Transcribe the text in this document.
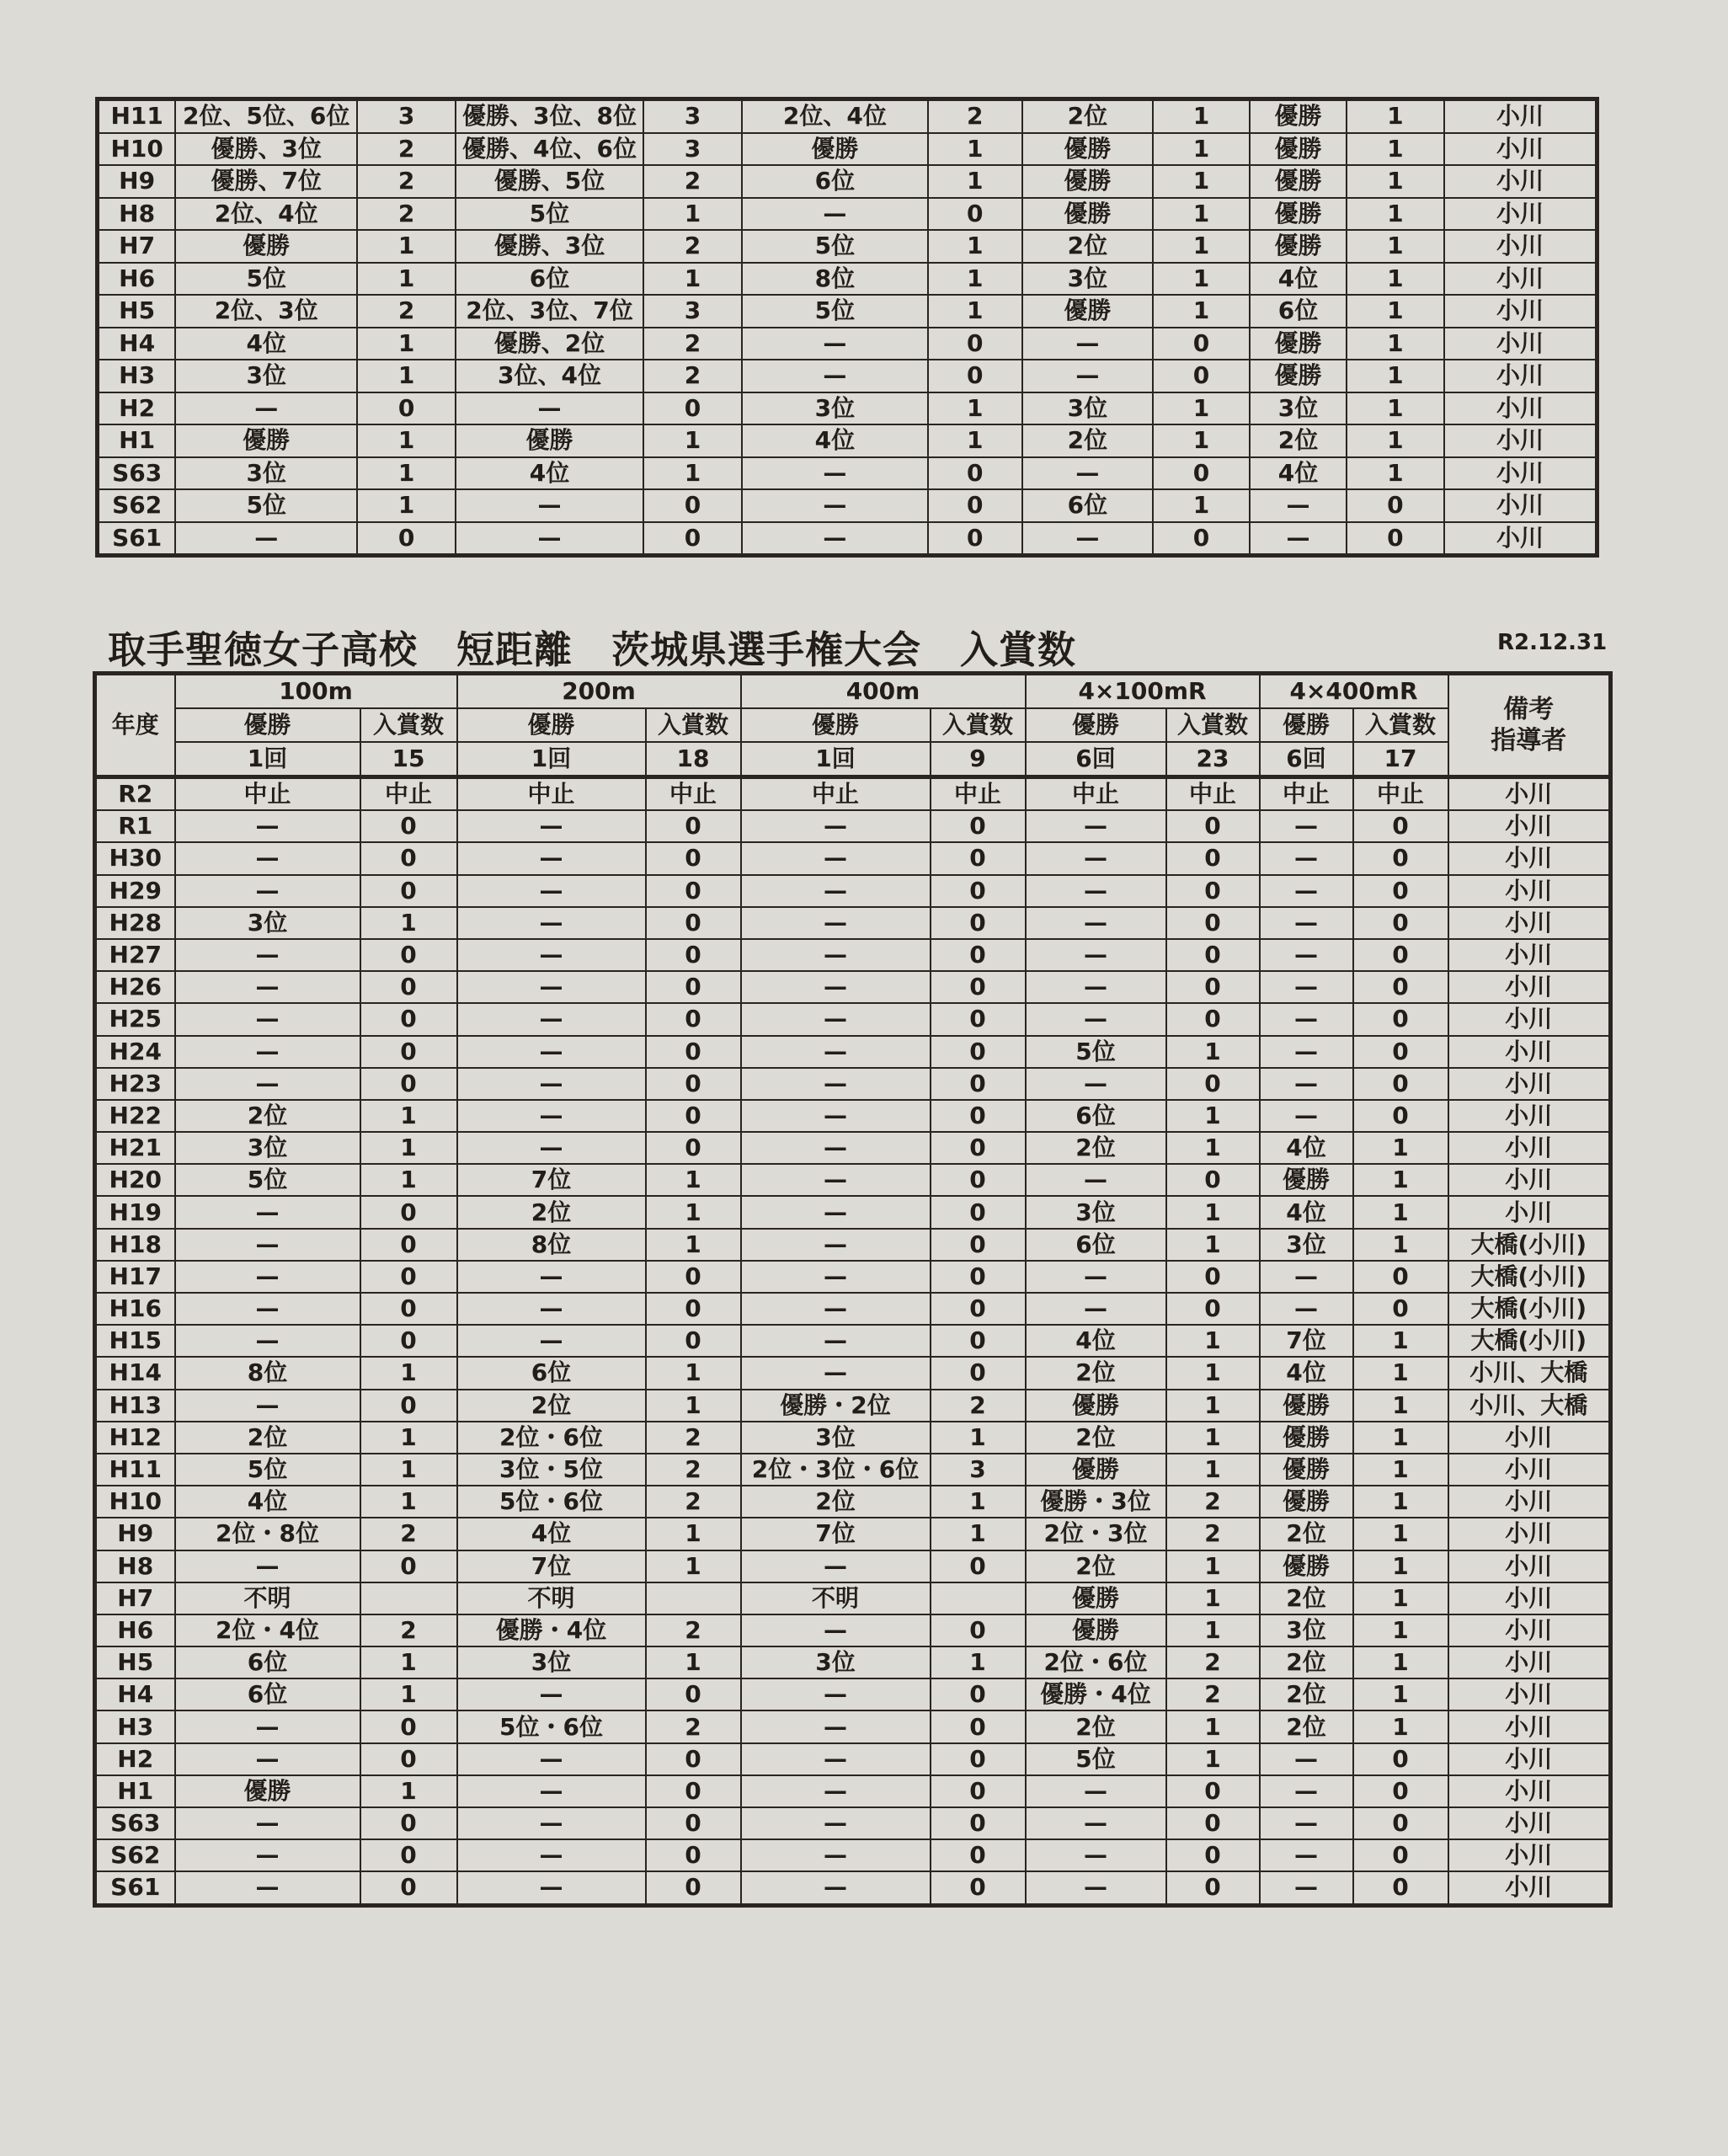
H11	2位、5位、6位	3	優勝、3位、8位	3	2位、4位	2	2位	1	優勝	1	小川
H10	優勝、3位	2	優勝、4位、6位	3	優勝	1	優勝	1	優勝	1	小川
H9	優勝、7位	2	優勝、5位	2	6位	1	優勝	1	優勝	1	小川
H8	2位、4位	2	5位	1	—	0	優勝	1	優勝	1	小川
H7	優勝	1	優勝、3位	2	5位	1	2位	1	優勝	1	小川
H6	5位	1	6位	1	8位	1	3位	1	4位	1	小川
H5	2位、3位	2	2位、3位、7位	3	5位	1	優勝	1	6位	1	小川
H4	4位	1	優勝、2位	2	—	0	—	0	優勝	1	小川
H3	3位	1	3位、4位	2	—	0	—	0	優勝	1	小川
H2	—	0	—	0	3位	1	3位	1	3位	1	小川
H1	優勝	1	優勝	1	4位	1	2位	1	2位	1	小川
S63	3位	1	4位	1	—	0	—	0	4位	1	小川
S62	5位	1	—	0	—	0	6位	1	—	0	小川
S61	—	0	—	0	—	0	—	0	—	0	小川
取手聖徳女子高校　短距離　茨城県選手権大会　入賞数	R2.12.31
年度	100m		200m		400m		4×100mR		4×400mR		備考
指導者
	優勝	入賞数	優勝	入賞数	優勝	入賞数	優勝	入賞数	優勝	入賞数	
	1回	15	1回	18	1回	9	6回	23	6回	17	
R2	中止	中止	中止	中止	中止	中止	中止	中止	中止	中止	小川
R1	—	0	—	0	—	0	—	0	—	0	小川
H30	—	0	—	0	—	0	—	0	—	0	小川
H29	—	0	—	0	—	0	—	0	—	0	小川
H28	3位	1	—	0	—	0	—	0	—	0	小川
H27	—	0	—	0	—	0	—	0	—	0	小川
H26	—	0	—	0	—	0	—	0	—	0	小川
H25	—	0	—	0	—	0	—	0	—	0	小川
H24	—	0	—	0	—	0	5位	1	—	0	小川
H23	—	0	—	0	—	0	—	0	—	0	小川
H22	2位	1	—	0	—	0	6位	1	—	0	小川
H21	3位	1	—	0	—	0	2位	1	4位	1	小川
H20	5位	1	7位	1	—	0	—	0	優勝	1	小川
H19	—	0	2位	1	—	0	3位	1	4位	1	小川
H18	—	0	8位	1	—	0	6位	1	3位	1	大橋(小川)
H17	—	0	—	0	—	0	—	0	—	0	大橋(小川)
H16	—	0	—	0	—	0	—	0	—	0	大橋(小川)
H15	—	0	—	0	—	0	4位	1	7位	1	大橋(小川)
H14	8位	1	6位	1	—	0	2位	1	4位	1	小川、大橋
H13	—	0	2位	1	優勝・2位	2	優勝	1	優勝	1	小川、大橋
H12	2位	1	2位・6位	2	3位	1	2位	1	優勝	1	小川
H11	5位	1	3位・5位	2	2位・3位・6位	3	優勝	1	優勝	1	小川
H10	4位	1	5位・6位	2	2位	1	優勝・3位	2	優勝	1	小川
H9	2位・8位	2	4位	1	7位	1	2位・3位	2	2位	1	小川
H8	—	0	7位	1	—	0	2位	1	優勝	1	小川
H7	不明		不明		不明		優勝	1	2位	1	小川
H6	2位・4位	2	優勝・4位	2	—	0	優勝	1	3位	1	小川
H5	6位	1	3位	1	3位	1	2位・6位	2	2位	1	小川
H4	6位	1	—	0	—	0	優勝・4位	2	2位	1	小川
H3	—	0	5位・6位	2	—	0	2位	1	2位	1	小川
H2	—	0	—	0	—	0	5位	1	—	0	小川
H1	優勝	1	—	0	—	0	—	0	—	0	小川
S63	—	0	—	0	—	0	—	0	—	0	小川
S62	—	0	—	0	—	0	—	0	—	0	小川
S61	—	0	—	0	—	0	—	0	—	0	小川
